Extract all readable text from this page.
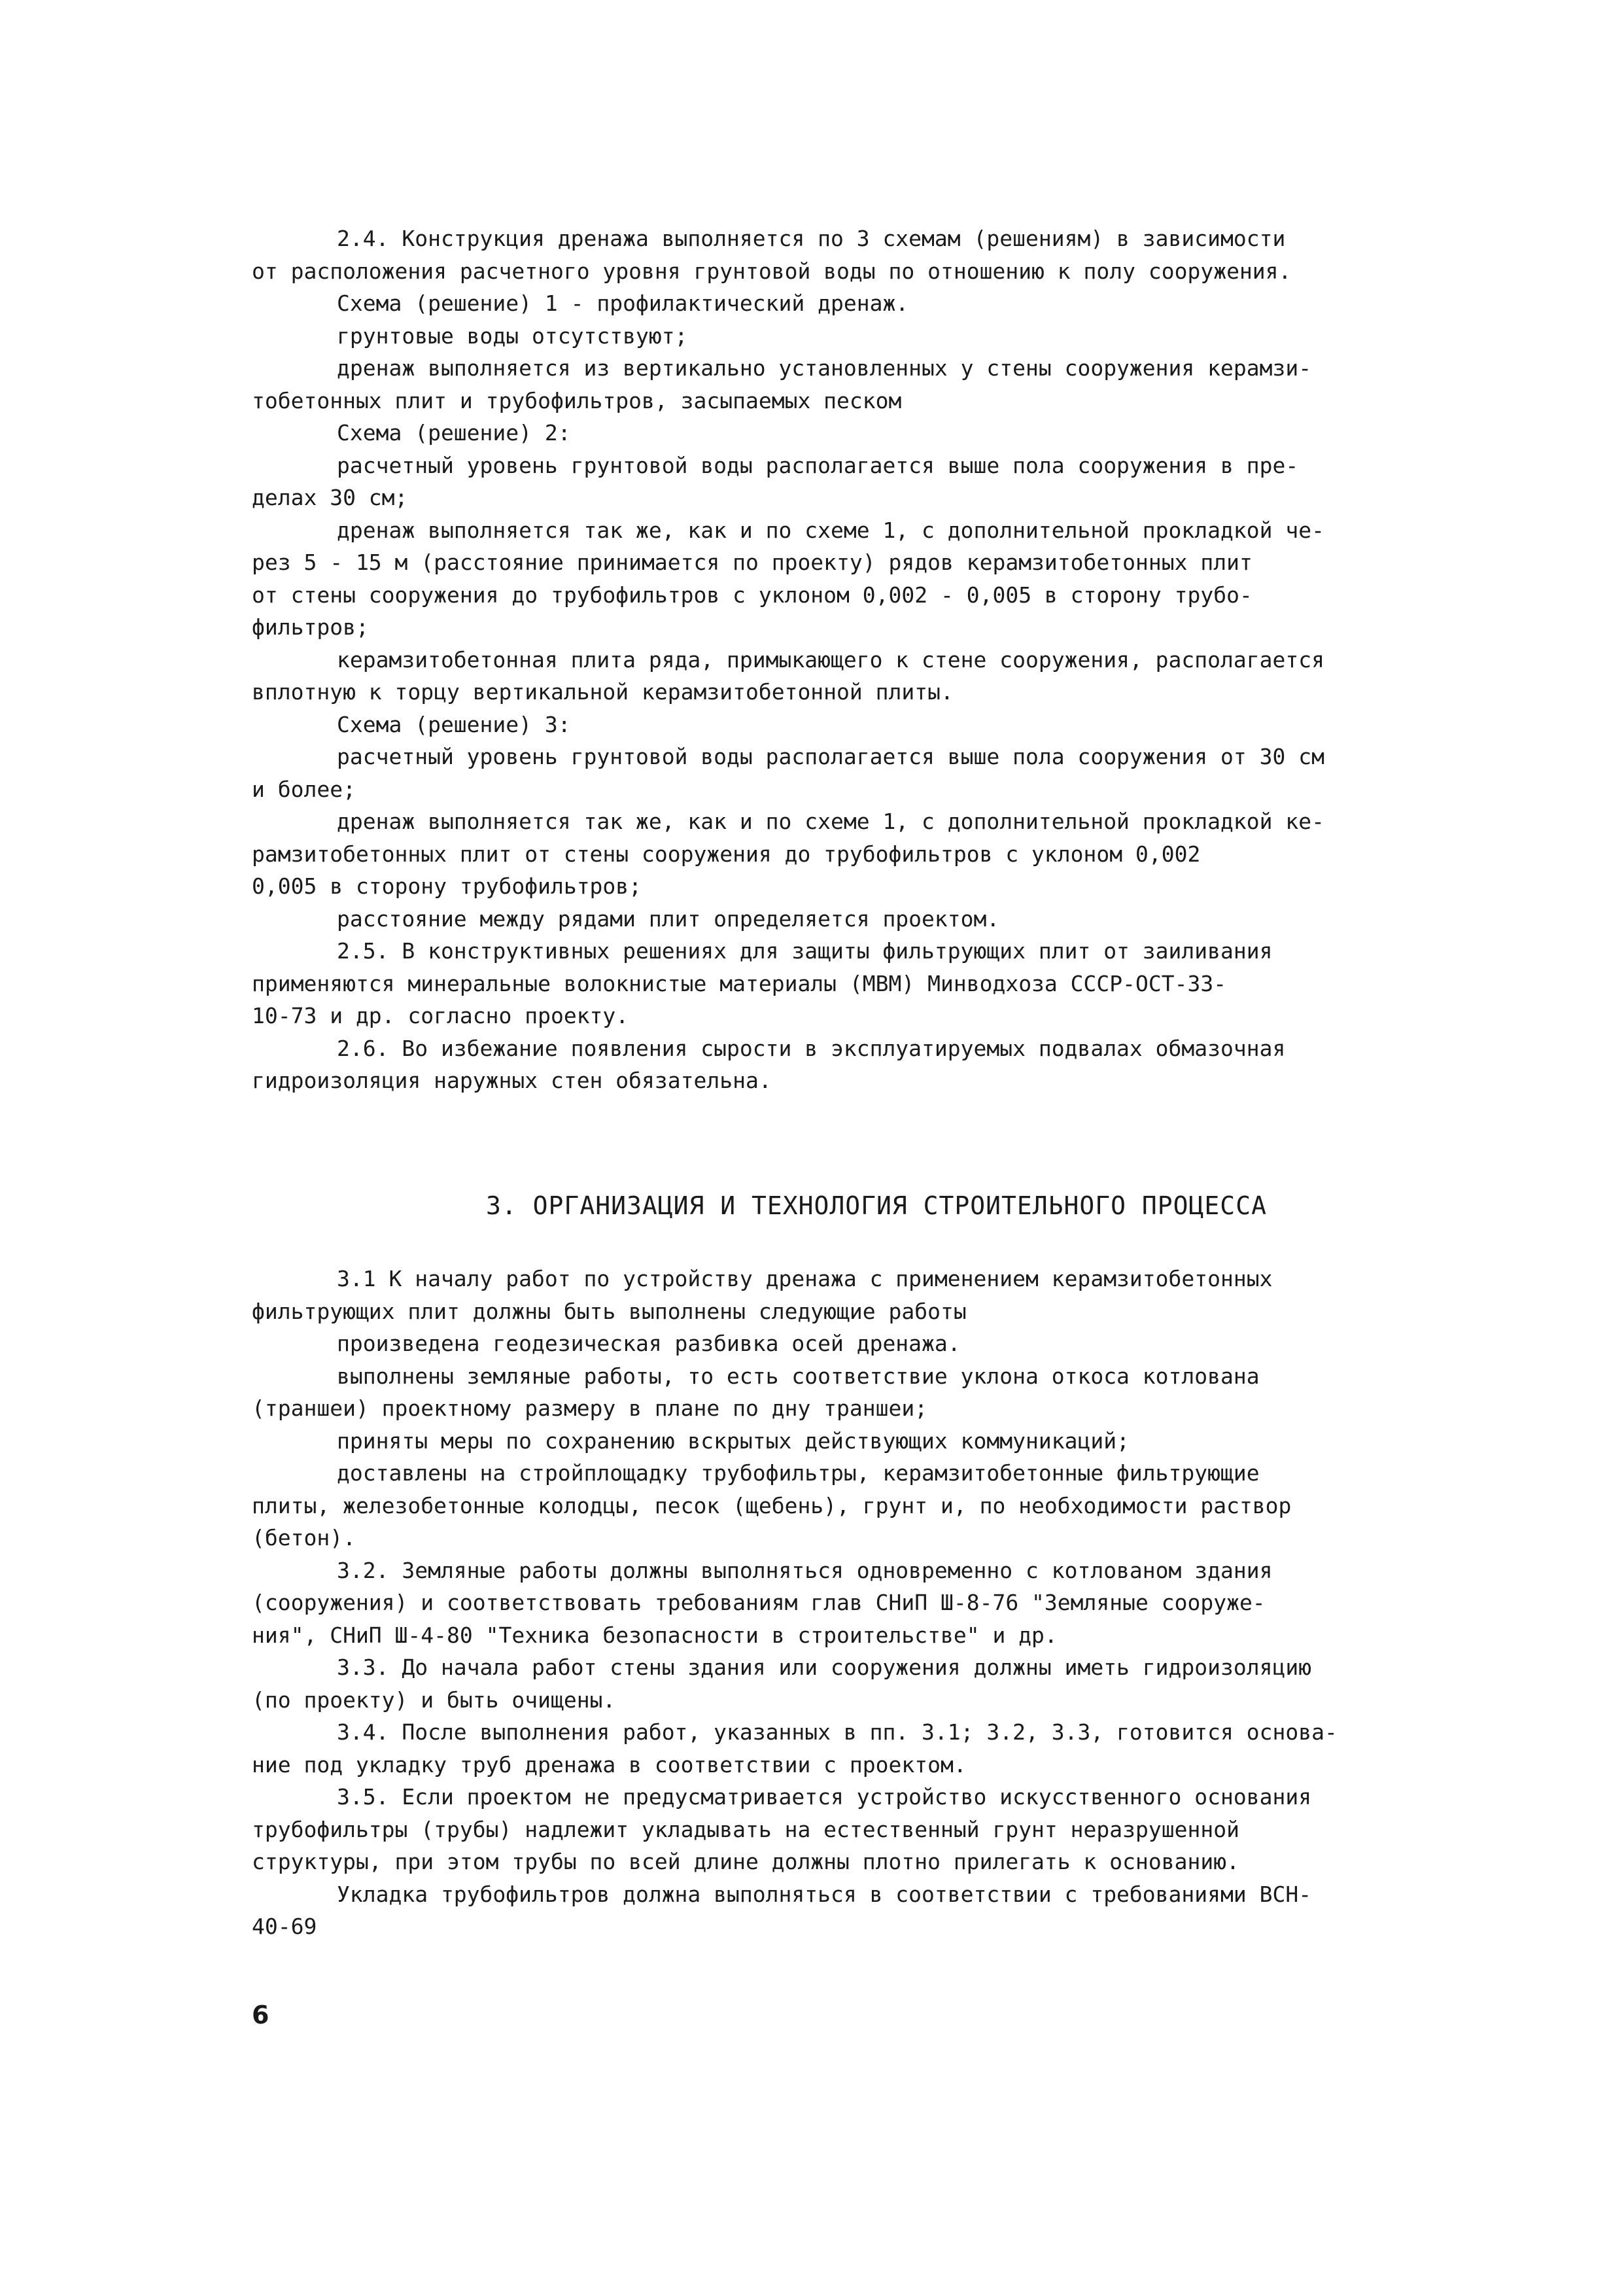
2.4. Конструкция дренажа выполняется по 3 схемам (решениям) в зависимости
от расположения расчетного уровня грунтовой воды по отношению к полу сооружения.
Схема (решение) 1 - профилактический дренаж.
грунтовые воды отсутствуют;
дренаж выполняется из вертикально установленных у стены сооружения керамзи-
тобетонных плит и трубофильтров, засыпаемых песком
Схема (решение) 2:
расчетный уровень грунтовой воды располагается выше пола сооружения в пре-
делах 30 см;
дренаж выполняется так же, как и по схеме 1, с дополнительной прокладкой че-
рез 5 - 15 м (расстояние принимается по проекту) рядов керамзитобетонных плит
от стены сооружения до трубофильтров с уклоном 0,002 - 0,005 в сторону трубо-
фильтров;
керамзитобетонная плита ряда, примыкающего к стене сооружения, располагается
вплотную к торцу вертикальной керамзитобетонной плиты.
Схема (решение) 3:
расчетный уровень грунтовой воды располагается выше пола сооружения от 30 см
и более;
дренаж выполняется так же, как и по схеме 1, с дополнительной прокладкой ке-
рамзитобетонных плит от стены сооружения до трубофильтров с уклоном 0,002
0,005 в сторону трубофильтров;
расстояние между рядами плит определяется проектом.
2.5. В конструктивных решениях для защиты фильтрующих плит от заиливания
применяются минеральные волокнистые материалы (МВМ) Минводхоза СССР-ОСТ-33-
10-73 и др. согласно проекту.
2.6. Во избежание появления сырости в эксплуатируемых подвалах обмазочная
гидроизоляция наружных стен обязательна.
3. ОРГАНИЗАЦИЯ И ТЕХНОЛОГИЯ СТРОИТЕЛЬНОГО ПРОЦЕССА
3.1 К началу работ по устройству дренажа с применением керамзитобетонных
фильтрующих плит должны быть выполнены следующие работы
произведена геодезическая разбивка осей дренажа.
выполнены земляные работы, то есть соответствие уклона откоса котлована
(траншеи) проектному размеру в плане по дну траншеи;
приняты меры по сохранению вскрытых действующих коммуникаций;
доставлены на стройплощадку трубофильтры, керамзитобетонные фильтрующие
плиты, железобетонные колодцы, песок (щебень), грунт и, по необходимости раствор
(бетон).
3.2. Земляные работы должны выполняться одновременно с котлованом здания
(сооружения) и соответствовать требованиям глав СНиП Ш-8-76 "Земляные сооруже-
ния", СНиП Ш-4-80 "Техника безопасности в строительстве" и др.
3.3. До начала работ стены здания или сооружения должны иметь гидроизоляцию
(по проекту) и быть очищены.
3.4. После выполнения работ, указанных в пп. 3.1; 3.2, 3.3, готовится основа-
ние под укладку труб дренажа в соответствии с проектом.
3.5. Если проектом не предусматривается устройство искусственного основания
трубофильтры (трубы) надлежит укладывать на естественный грунт неразрушенной
структуры, при этом трубы по всей длине должны плотно прилегать к основанию.
Укладка трубофильтров должна выполняться в соответствии с требованиями ВСН-
40-69
6
